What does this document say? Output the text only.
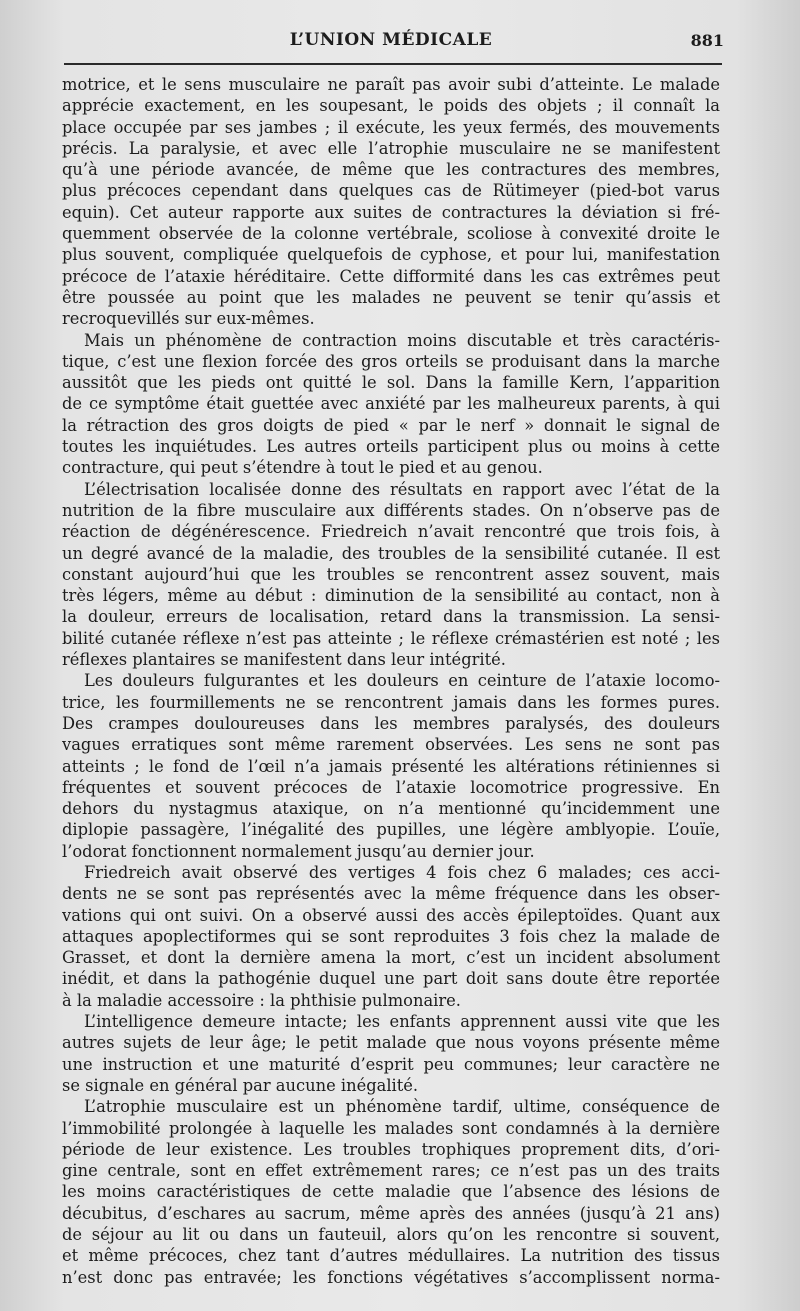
L’UNION MÉDICALE	881

motrice, et le sens musculaire ne paraît pas avoir subi d’atteinte. Le malade
apprécie exactement, en les soupesant, le poids des objets ; il connaît la
place occupée par ses jambes ; il exécute, les yeux fermés, des mouvements
précis. La paralysie, et avec elle l’atrophie musculaire ne se manifestent
qu’à une période avancée, de même que les contractures des membres,
plus précoces cependant dans quelques cas de Rütimeyer (pied-bot varus
equin). Cet auteur rapporte aux suites de contractures la déviation si fré-
quemment observée de la colonne vertébrale, scoliose à convexité droite le
plus souvent, compliquée quelquefois de cyphose, et pour lui, manifestation
précoce de l’ataxie héréditaire. Cette difformité dans les cas extrêmes peut
être poussée au point que les malades ne peuvent se tenir qu’assis et
recroquevillés sur eux-mêmes.

Mais un phénomène de contraction moins discutable et très caractéris-
tique, c’est une flexion forcée des gros orteils se produisant dans la marche
aussitôt que les pieds ont quitté le sol. Dans la famille Kern, l’apparition
de ce symptôme était guettée avec anxiété par les malheureux parents, à qui
la rétraction des gros doigts de pied « par le nerf » donnait le signal de
toutes les inquiétudes. Les autres orteils participent plus ou moins à cette
contracture, qui peut s’étendre à tout le pied et au genou.

L’électrisation localisée donne des résultats en rapport avec l’état de la
nutrition de la fibre musculaire aux différents stades. On n’observe pas de
réaction de dégénérescence. Friedreich n’avait rencontré que trois fois, à
un degré avancé de la maladie, des troubles de la sensibilité cutanée. Il est
constant aujourd’hui que les troubles se rencontrent assez souvent, mais
très légers, même au début : diminution de la sensibilité au contact, non à
la douleur, erreurs de localisation, retard dans la transmission. La sensi-
bilité cutanée réflexe n’est pas atteinte ; le réflexe crémastérien est noté ; les
réflexes plantaires se manifestent dans leur intégrité.

Les douleurs fulgurantes et les douleurs en ceinture de l’ataxie locomo-
trice, les fourmillements ne se rencontrent jamais dans les formes pures.
Des crampes douloureuses dans les membres paralysés, des douleurs
vagues erratiques sont même rarement observées. Les sens ne sont pas
atteints ; le fond de l’œil n’a jamais présenté les altérations rétiniennes si
fréquentes et souvent précoces de l’ataxie locomotrice progressive. En
dehors du nystagmus ataxique, on n’a mentionné qu’incidemment une
diplopie passagère, l’inégalité des pupilles, une légère amblyopie. L’ouïe,
l’odorat fonctionnent normalement jusqu’au dernier jour.

Friedreich avait observé des vertiges 4 fois chez 6 malades; ces acci-
dents ne se sont pas représentés avec la même fréquence dans les obser-
vations qui ont suivi. On a observé aussi des accès épileptoïdes. Quant aux
attaques apoplectiformes qui se sont reproduites 3 fois chez la malade de
Grasset, et dont la dernière amena la mort, c’est un incident absolument
inédit, et dans la pathogénie duquel une part doit sans doute être reportée
à la maladie accessoire : la phthisie pulmonaire.

L’intelligence demeure intacte; les enfants apprennent aussi vite que les
autres sujets de leur âge; le petit malade que nous voyons présente même
une instruction et une maturité d’esprit peu communes; leur caractère ne
se signale en général par aucune inégalité.

L’atrophie musculaire est un phénomène tardif, ultime, conséquence de
l’immobilité prolongée à laquelle les malades sont condamnés à la dernière
période de leur existence. Les troubles trophiques proprement dits, d’ori-
gine centrale, sont en effet extrêmement rares; ce n’est pas un des traits
les moins caractéristiques de cette maladie que l’absence des lésions de
décubitus, d’eschares au sacrum, même après des années (jusqu’à 21 ans)
de séjour au lit ou dans un fauteuil, alors qu’on les rencontre si souvent,
et même précoces, chez tant d’autres médullaires. La nutrition des tissus
n’est donc pas entravée; les fonctions végétatives s’accomplissent norma-
